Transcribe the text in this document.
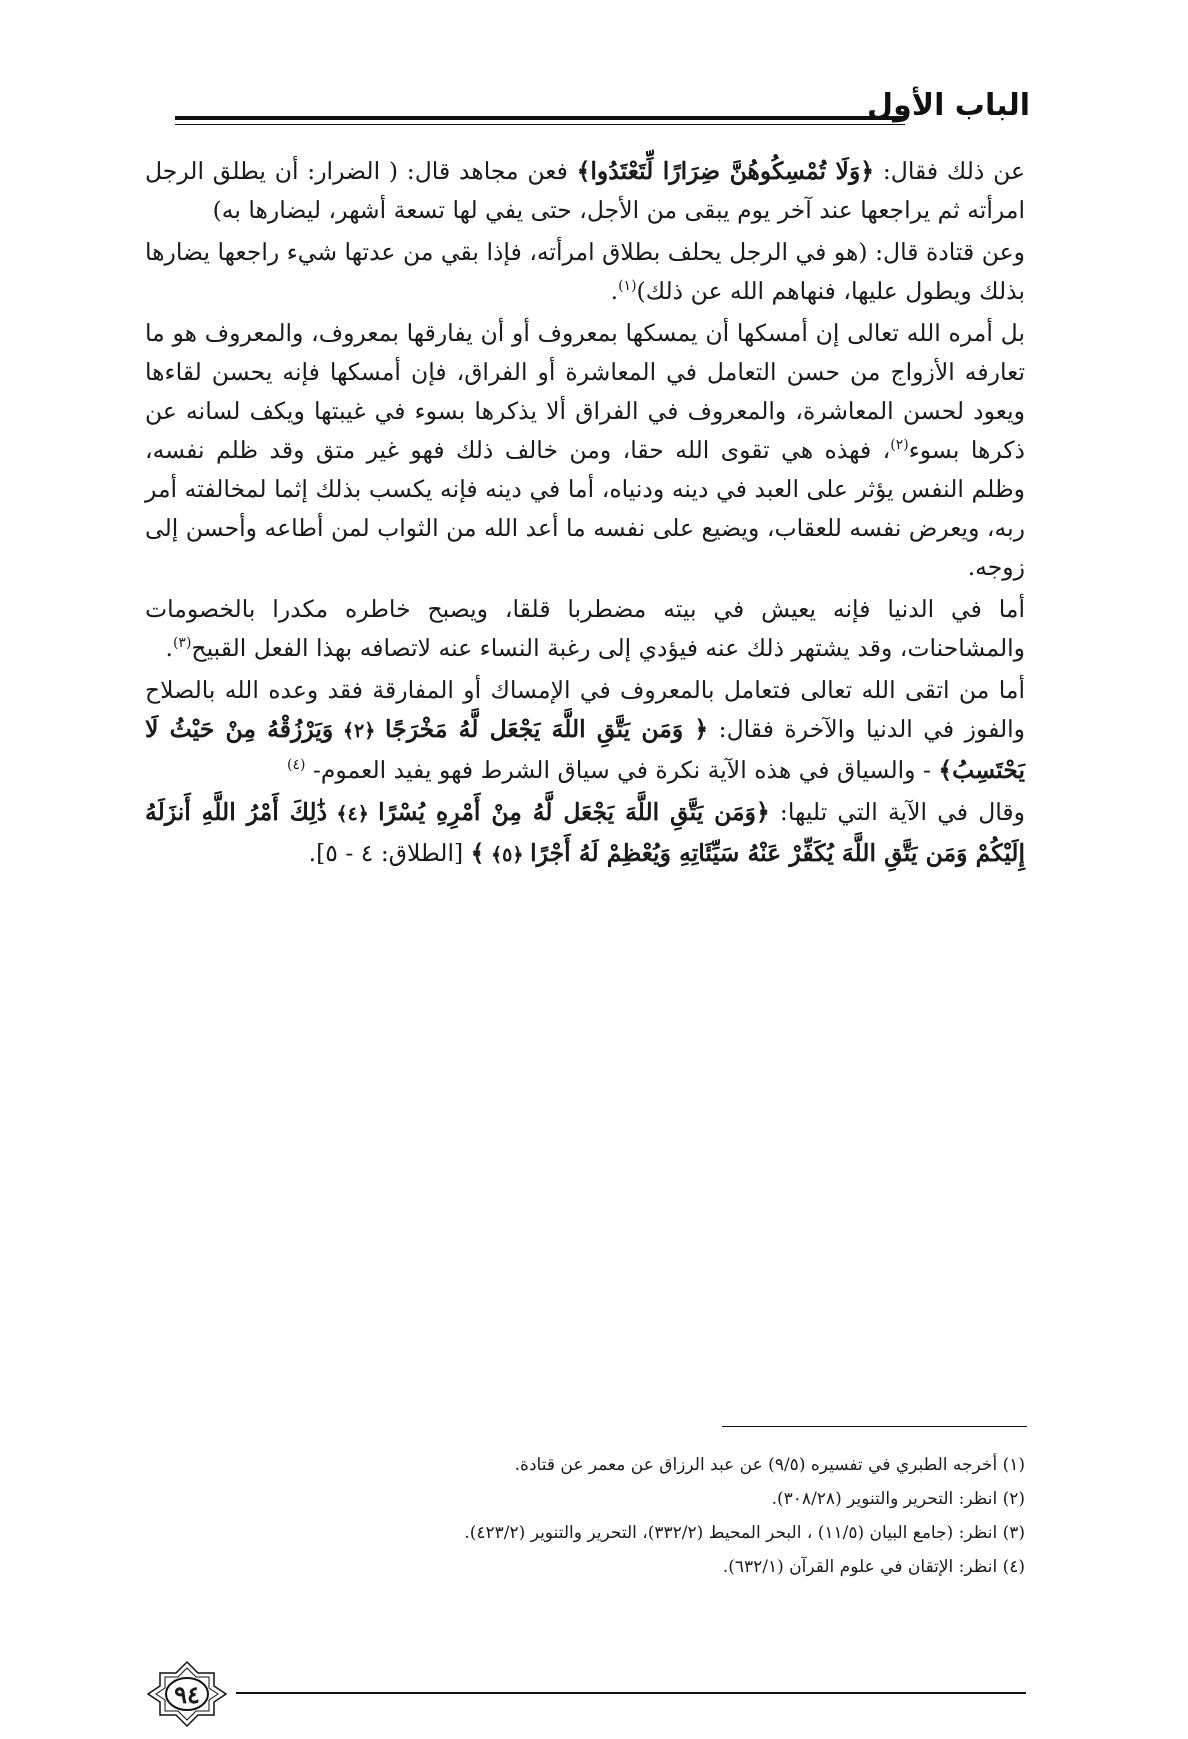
الباب الأول

عن ذلك فقال: ﴿وَلَا تُمْسِكُوهُنَّ ضِرَارًا لِّتَعْتَدُوا﴾ فعن مجاهد قال: ( الضرار: أن يطلق الرجل امرأته ثم يراجعها عند آخر يوم يبقى من الأجل، حتى يفي لها تسعة أشهر، ليضارها به)

وعن قتادة قال: (هو في الرجل يحلف بطلاق امرأته، فإذا بقي من عدتها شيء راجعها يضارها بذلك ويطول عليها، فنهاهم الله عن ذلك)$^{(١)}$.

بل أمره الله تعالى إن أمسكها أن يمسكها بمعروف أو أن يفارقها بمعروف، والمعروف هو ما تعارفه الأزواج من حسن التعامل في المعاشرة أو الفراق، فإن أمسكها فإنه يحسن لقاءها ويعود لحسن المعاشرة، والمعروف في الفراق ألا يذكرها بسوء في غيبتها ويكف لسانه عن ذكرها بسوء$^{(٢)}$، فهذه هي تقوى الله حقا، ومن خالف ذلك فهو غير متق وقد ظلم نفسه، وظلم النفس يؤثر على العبد في دينه ودنياه، أما في دينه فإنه يكسب بذلك إثما لمخالفته أمر ربه، ويعرض نفسه للعقاب، ويضيع على نفسه ما أعد الله من الثواب لمن أطاعه وأحسن إلى زوجه.

أما في الدنيا فإنه يعيش في بيته مضطربا قلقا، ويصبح خاطره مكدرا بالخصومات والمشاحنات، وقد يشتهر ذلك عنه فيؤدي إلى رغبة النساء عنه لاتصافه بهذا الفعل القبيح$^{(٣)}$.

أما من اتقى الله تعالى فتعامل بالمعروف في الإمساك أو المفارقة فقد وعده الله بالصلاح والفوز في الدنيا والآخرة فقال: ﴿ وَمَن يَتَّقِ اللَّهَ يَجْعَل لَّهُ مَخْرَجًا ﴿٢﴾ وَيَرْزُقْهُ مِنْ حَيْثُ لَا يَحْتَسِبُ﴾ - والسياق في هذه الآية نكرة في سياق الشرط فهو يفيد العموم- $^{(٤)}$

وقال في الآية التي تليها: ﴿وَمَن يَتَّقِ اللَّهَ يَجْعَل لَّهُ مِنْ أَمْرِهِ يُسْرًا ﴿٤﴾ ذَٰلِكَ أَمْرُ اللَّهِ أَنزَلَهُ إِلَيْكُمْ وَمَن يَتَّقِ اللَّهَ يُكَفِّرْ عَنْهُ سَيِّئَاتِهِ وَيُعْظِمْ لَهُ أَجْرًا ﴿٥﴾ ﴾ [الطلاق: ٤ - ٥].

(١) أخرجه الطبري في تفسيره (٩/٥) عن عبد الرزاق عن معمر عن قتادة.

(٢) انظر: التحرير والتنوير (٣٠٨/٢٨).

(٣) انظر: (جامع البيان (١١/٥) ، البحر المحيط (٣٣٢/٢)، التحرير والتنوير (٤٢٣/٢).

(٤) انظر: الإتقان في علوم القرآن (٦٣٢/١).

٩٤
